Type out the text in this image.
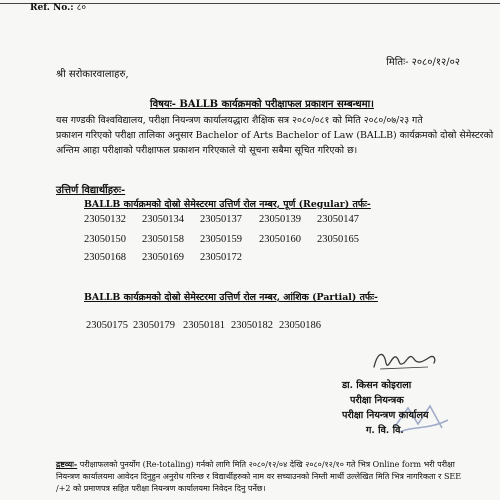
Ref. No.: ८०
मितिः- २०८०/१२/०२
श्री सरोकारवालाहरु,
विषयः- BALLB कार्यक्रमको परीक्षाफल प्रकाशन सम्बन्धमा।
यस गण्डकी विश्वविद्यालय, परीक्षा नियन्त्रण कार्यालयद्धारा शैक्षिक सत्र २०८०/०८१ को मिति २०८०/०७/२३ गते
प्रकाशन गरिएको परीक्षा तालिका अनुसार Bachelor of Arts Bachelor of Law (BALLB) कार्यक्रमको दोस्रो सेमेस्टरको
अन्तिम आहा परीक्षाको परीक्षाफल प्रकाशन गरिएकाले यो सूचना सबैमा सूचित गरिएको छ।
उत्तिर्ण विद्यार्थीहरुः-
BALLB कार्यक्रमको दोस्रो सेमेस्टरमा उत्तिर्ण रोल नम्बर, पूर्ण (Regular) तर्फः-
23050132	23050134	23050137	23050139	23050147
23050150	23050158	23050159	23050160	23050165
23050168	23050169	23050172
BALLB कार्यक्रमको दोस्रो सेमेस्टरमा उत्तिर्ण रोल नम्बर, आंशिक (Partial) तर्फः-
23050175 23050179 23050181 23050182 23050186
डा. किसन कोइराला
परीक्षा नियन्त्रक
परीक्षा नियन्त्रण कार्यालय
ग. वि. वि.
द्रष्टव्यः- परीक्षाफलको पुनर्योग (Re-totaling) गर्नको लागि मिति २०८०/१२/०४ देखि २०८०/१२/१० गते भित्र Online form भरी परीक्षा
नियन्त्रण कार्यालयमा आवेदन दिनुहुन अनुरोध गरिन्छ र विद्यार्थीहरुको नाम वर सच्याउनको निम्ती मार्थी उल्लेखित मिति भित्र नागरिकता र SEE
/+2 को प्रमाणपत्र सहित परीक्षा नियन्त्रण कार्यालयमा निवेदन दिनु पर्नेछ।
